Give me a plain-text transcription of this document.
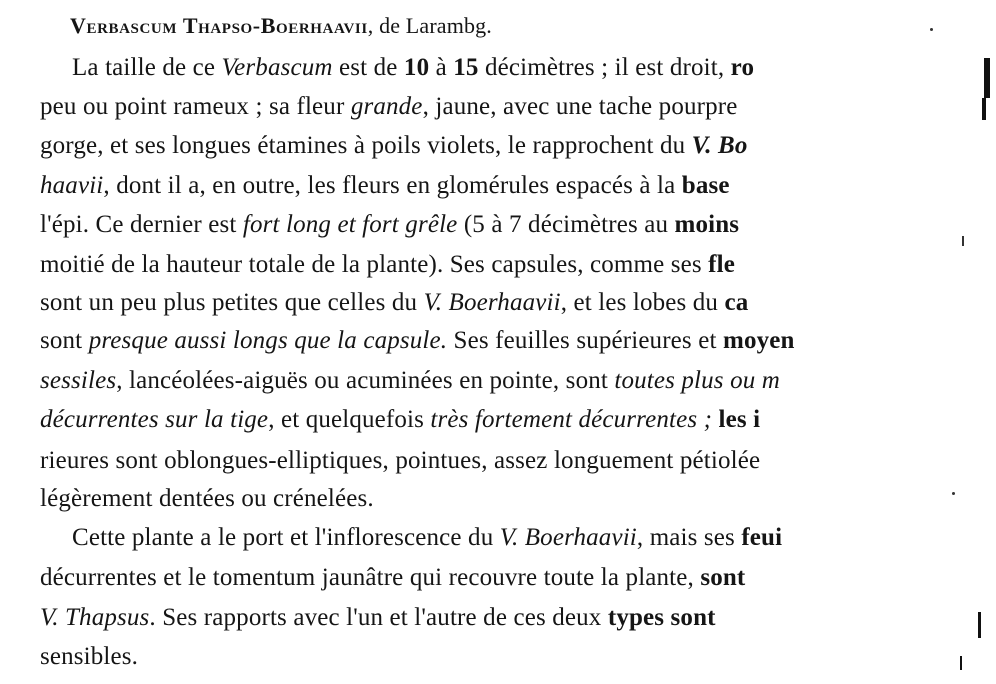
Verbascum Thapso-Boerhaavii, de Larambg.
La taille de ce Verbascum est de 10 à 15 décimètres ; il est droit, ro
peu ou point rameux ; sa fleur grande, jaune, avec une tache pourpre
gorge, et ses longues étamines à poils violets, le rapprochent du V. Bo
haavii, dont il a, en outre, les fleurs en glomérules espacés à la base
l'épi. Ce dernier est fort long et fort grêle (5 à 7 décimètres au moins
moitié de la hauteur totale de la plante). Ses capsules, comme ses fle
sont un peu plus petites que celles du V. Boerhaavii, et les lobes du ca
sont presque aussi longs que la capsule. Ses feuilles supérieures et moyen
sessiles, lancéolées-aiguës ou acuminées en pointe, sont toutes plus ou m
décurrentes sur la tige, et quelquefois très fortement décurrentes ; les i
rieures sont oblongues-elliptiques, pointues, assez longuement pétiolée
légèrement dentées ou crénelées.
Cette plante a le port et l'inflorescence du V. Boerhaavii, mais ses feui
décurrentes et le tomentum jaunâtre qui recouvre toute la plante, sont
V. Thapsus. Ses rapports avec l'un et l'autre de ces deux types sont
sensibles.
